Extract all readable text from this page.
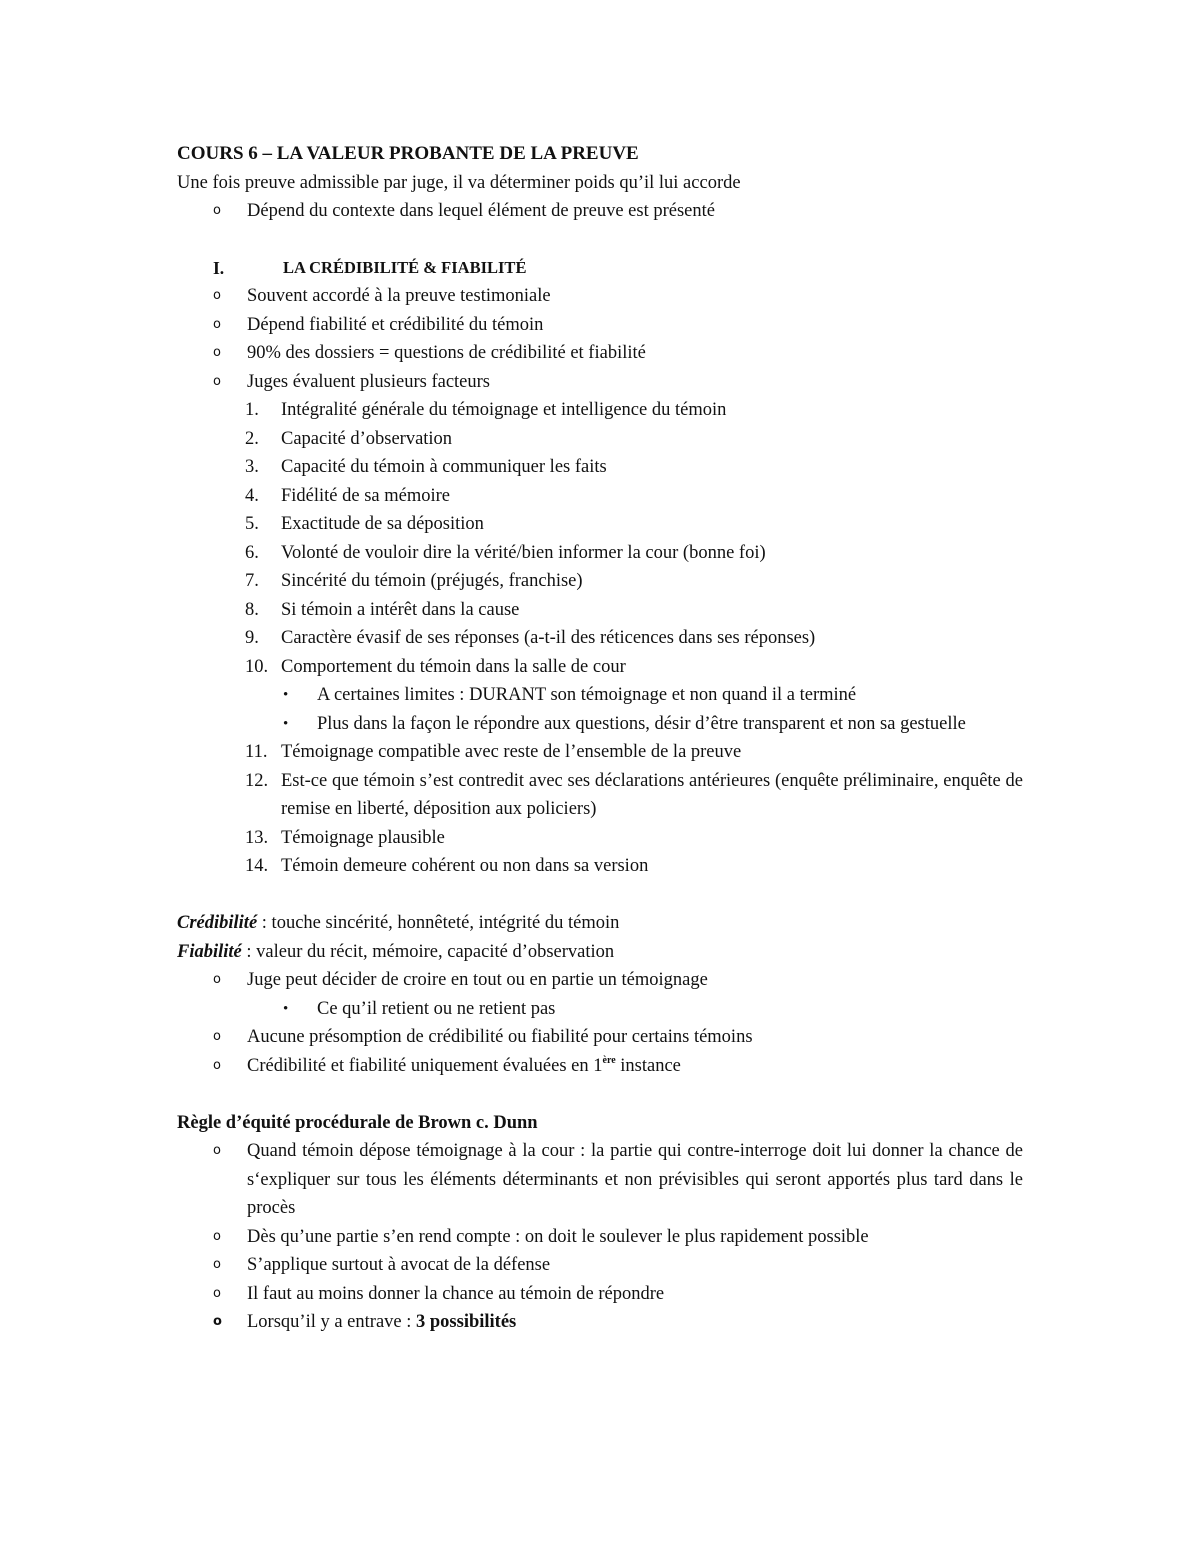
COURS 6 – LA VALEUR PROBANTE DE LA PREUVE
Une fois preuve admissible par juge, il va déterminer poids qu’il lui accorde
o Dépend du contexte dans lequel élément de preuve est présenté
I.	LA CRÉDIBILITÉ & FIABILITÉ
o Souvent accordé à la preuve testimoniale
o Dépend fiabilité et crédibilité du témoin
o 90% des dossiers = questions de crédibilité et fiabilité
o Juges évaluent plusieurs facteurs
1.	Intégralité générale du témoignage et intelligence du témoin
2.	Capacité d’observation
3.	Capacité du témoin à communiquer les faits
4.	Fidélité de sa mémoire
5.	Exactitude de sa déposition
6.	Volonté de vouloir dire la vérité/bien informer la cour (bonne foi)
7.	Sincérité du témoin (préjugés, franchise)
8.	Si témoin a intérêt dans la cause
9.	Caractère évasif de ses réponses (a-t-il des réticences dans ses réponses)
10. Comportement du témoin dans la salle de cour
• A certaines limites : DURANT son témoignage et non quand il a terminé
• Plus dans la façon le répondre aux questions, désir d’être transparent et non sa gestuelle
11. Témoignage compatible avec reste de l’ensemble de la preuve
12. Est-ce que témoin s’est contredit avec ses déclarations antérieures (enquête préliminaire, enquête de remise en liberté, déposition aux policiers)
13. Témoignage plausible
14. Témoin demeure cohérent ou non dans sa version
Crédibilité : touche sincérité, honnêteté, intégrité du témoin
Fiabilité : valeur du récit, mémoire, capacité d’observation
o Juge peut décider de croire en tout ou en partie un témoignage
• Ce qu’il retient ou ne retient pas
o Aucune présomption de crédibilité ou fiabilité pour certains témoins
o Crédibilité et fiabilité uniquement évaluées en 1ère instance
Règle d’équité procédurale de Brown c. Dunn
o Quand témoin dépose témoignage à la cour : la partie qui contre-interroge doit lui donner la chance de s‘expliquer sur tous les éléments déterminants et non prévisibles qui seront apportés plus tard dans le procès
o Dès qu’une partie s’en rend compte : on doit le soulever le plus rapidement possible
o S’applique surtout à avocat de la défense
o Il faut au moins donner la chance au témoin de répondre
o Lorsqu’il y a entrave : 3 possibilités
